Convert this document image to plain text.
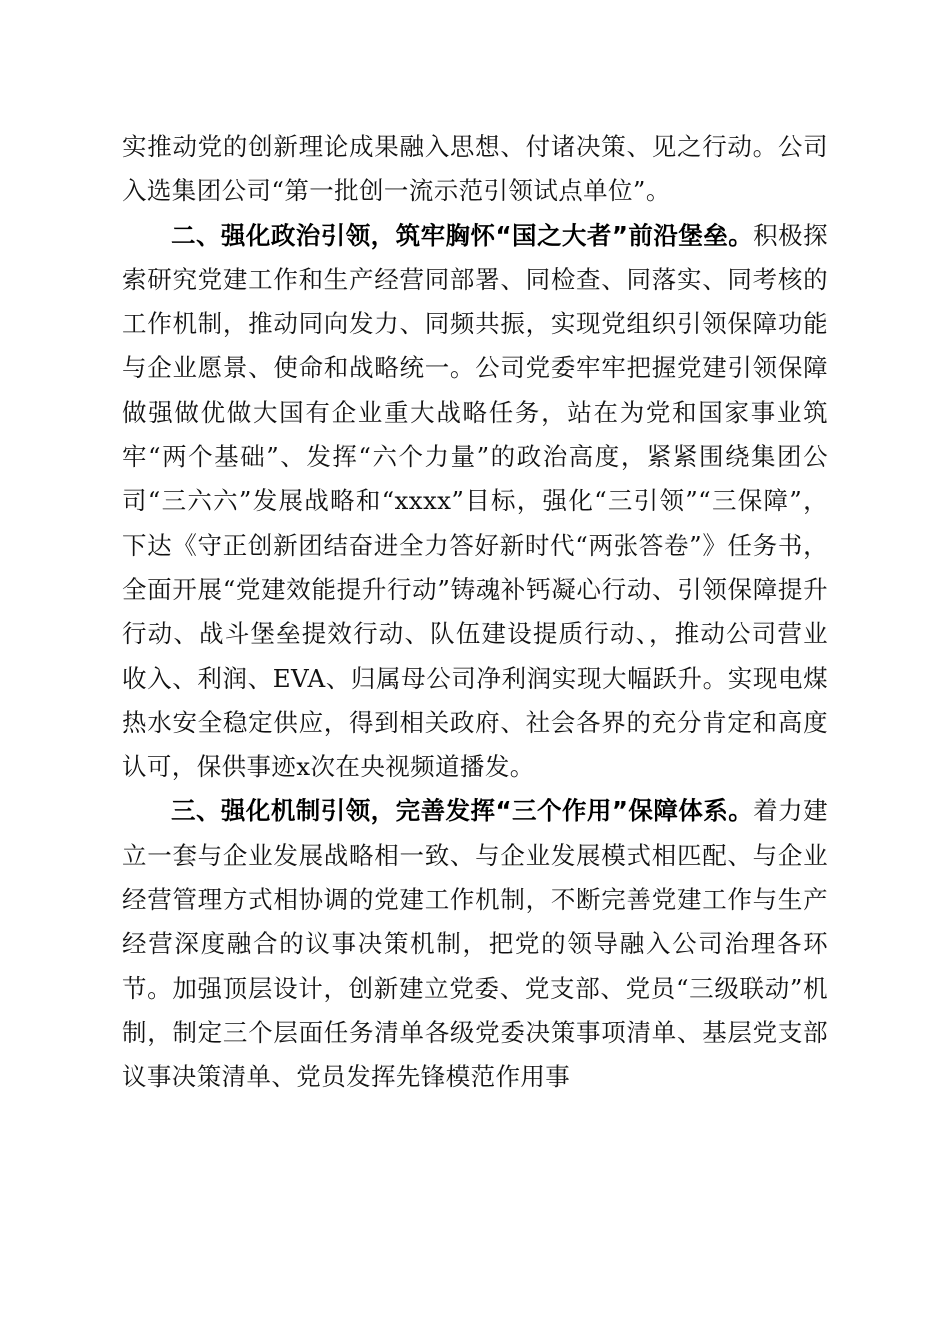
实推动党的创新理论成果融入思想、付诸决策、见之行动。公司入选集团公司“第一批创一流示范引领试点单位”。

二、强化政治引领，筑牢胸怀“国之大者”前沿堡垒。积极探索研究党建工作和生产经营同部署、同检查、同落实、同考核的工作机制，推动同向发力、同频共振，实现党组织引领保障功能与企业愿景、使命和战略统一。公司党委牢牢把握党建引领保障做强做优做大国有企业重大战略任务，站在为党和国家事业筑牢“两个基础”、发挥“六个力量”的政治高度，紧紧围绕集团公司“三六六”发展战略和“xxxx”目标，强化“三引领”“三保障”，下达《守正创新团结奋进全力答好新时代“两张答卷”》任务书，全面开展“党建效能提升行动”铸魂补钙凝心行动、引领保障提升行动、战斗堡垒提效行动、队伍建设提质行动、，推动公司营业收入、利润、EVA、归属母公司净利润实现大幅跃升。实现电煤热水安全稳定供应，得到相关政府、社会各界的充分肯定和高度认可，保供事迹x次在央视频道播发。

三、强化机制引领，完善发挥“三个作用”保障体系。着力建立一套与企业发展战略相一致、与企业发展模式相匹配、与企业经营管理方式相协调的党建工作机制，不断完善党建工作与生产经营深度融合的议事决策机制，把党的领导融入公司治理各环节。加强顶层设计，创新建立党委、党支部、党员“三级联动”机制，制定三个层面任务清单各级党委决策事项清单、基层党支部议事决策清单、党员发挥先锋模范作用事
